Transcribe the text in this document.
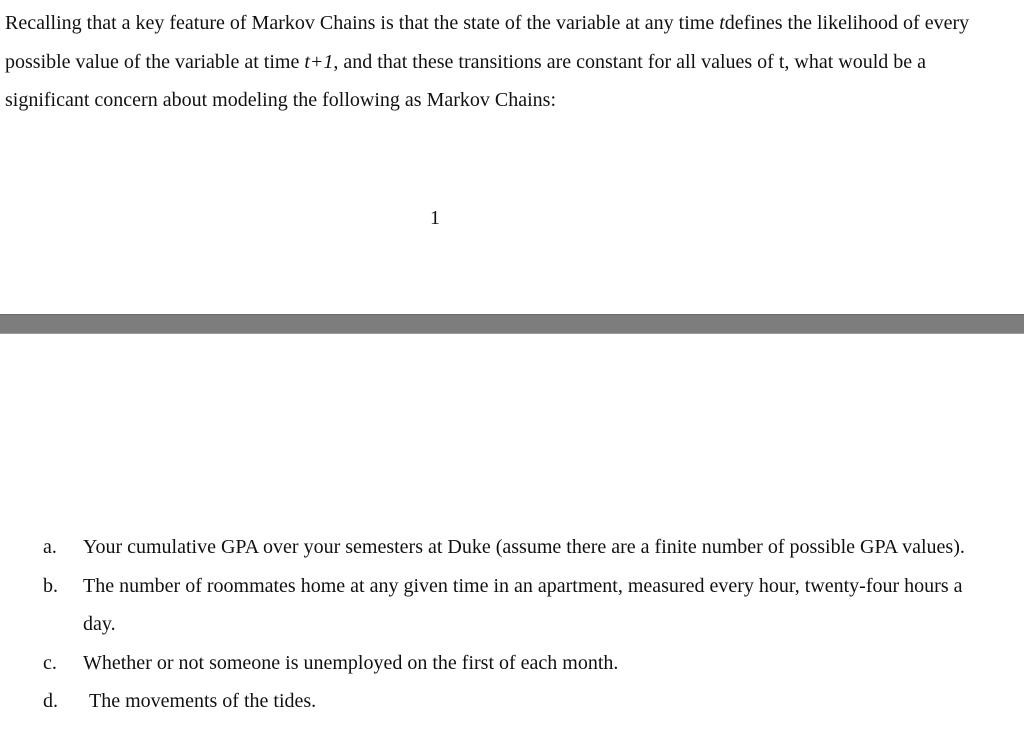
Recalling that a key feature of Markov Chains is that the state of the variable at any time tdefines the likelihood of every possible value of the variable at time t+1, and that these transitions are constant for all values of t, what would be a significant concern about modeling the following as Markov Chains:

1
a. Your cumulative GPA over your semesters at Duke (assume there are a finite number of possible GPA values).
b. The number of roommates home at any given time in an apartment, measured every hour, twenty-four hours a day.
c. Whether or not someone is unemployed on the first of each month.
d. The movements of the tides.
